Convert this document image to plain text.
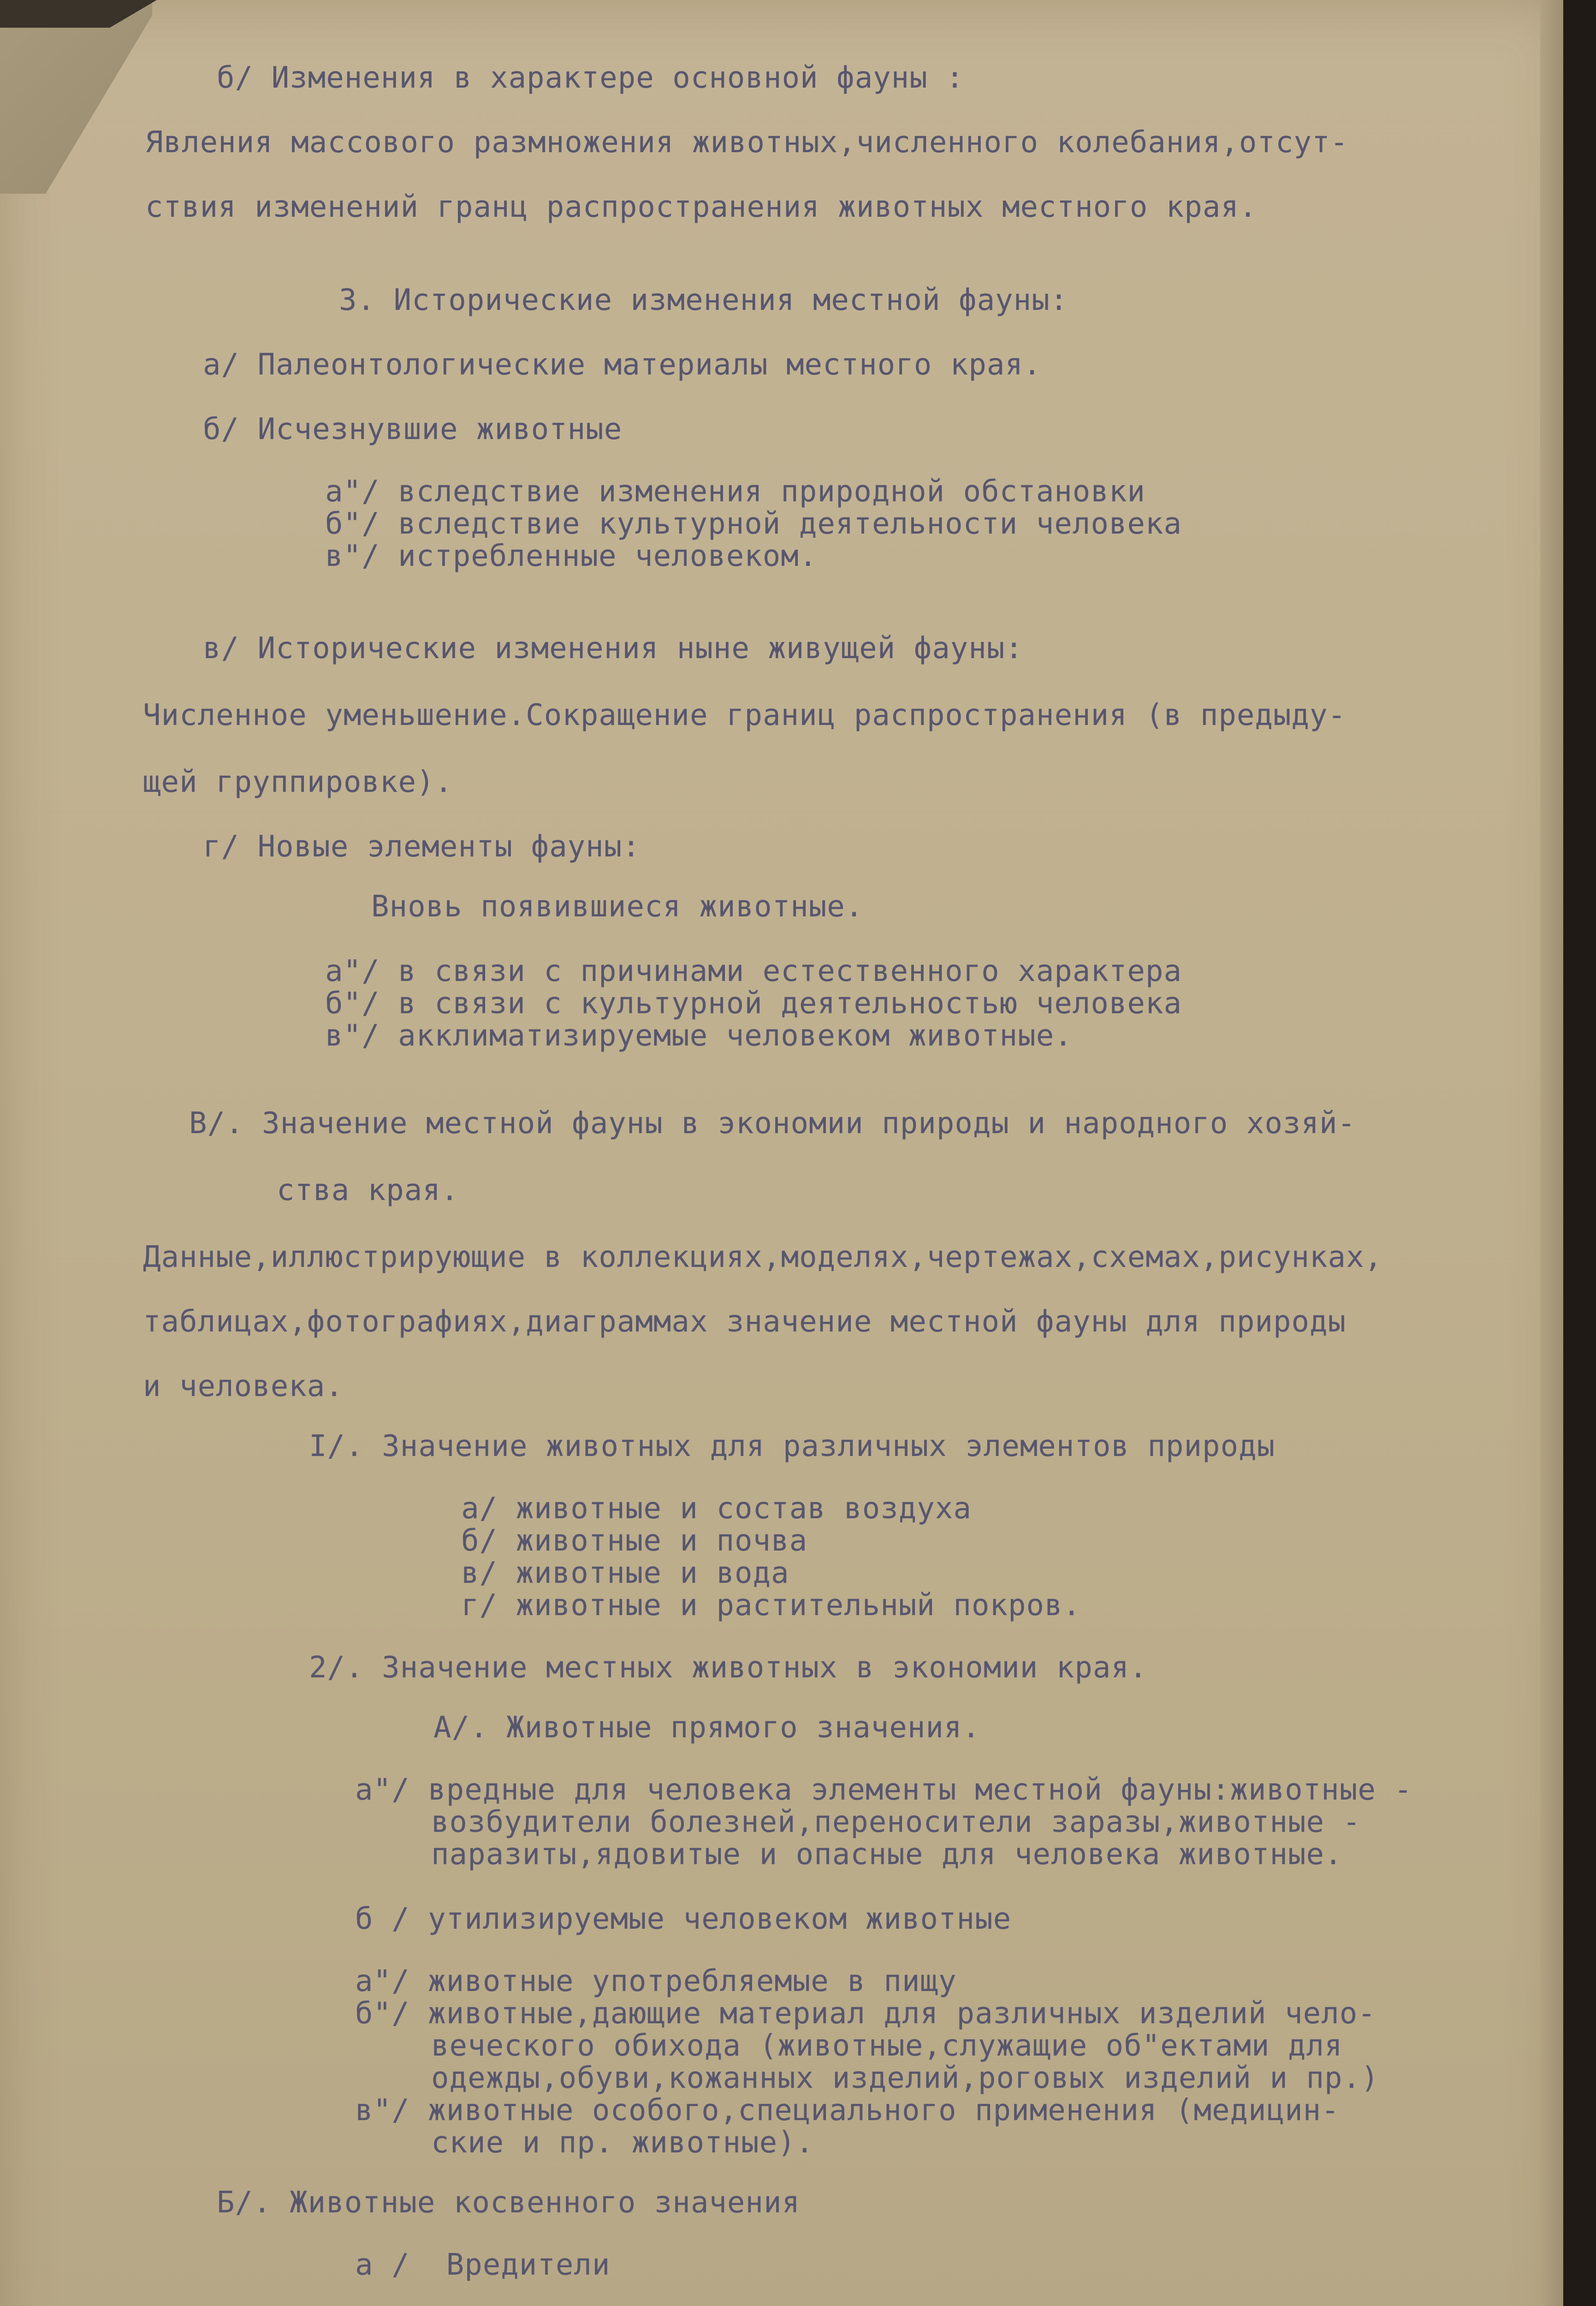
б/ Изменения в характере основной фауны :
Явления массового размножения животных,численного колебания,отсут-
ствия изменений гранц распространения животных местного края.
3. Исторические изменения местной фауны:
а/ Палеонтологические материалы местного края.
б/ Исчезнувшие животные
а"/ вследствие изменения природной обстановки
б"/ вследствие культурной деятельности человека
в"/ истребленные человеком.
в/ Исторические изменения ныне живущей фауны:
Численное уменьшение.Сокращение границ распространения (в предыду-
щей группировке).
г/ Новые элементы фауны:
Вновь появившиеся животные.
а"/ в связи с причинами естественного характера
б"/ в связи с культурной деятельностью человека
в"/ акклиматизируемые человеком животные.
В/. Значение местной фауны в экономии природы и народного хозяй-
ства края.
Данные,иллюстрирующие в коллекциях,моделях,чертежах,схемах,рисунках,
таблицах,фотографиях,диаграммах значение местной фауны для природы
и человека.
I/. Значение животных для различных элементов природы
а/ животные и состав воздуха
б/ животные и почва
в/ животные и вода
г/ животные и растительный покров.
2/. Значение местных животных в экономии края.
А/. Животные прямого значения.
а"/ вредные для человека элементы местной фауны:животные -
возбудители болезней,переносители заразы,животные -
паразиты,ядовитые и опасные для человека животные.
б / утилизируемые человеком животные
а"/ животные употребляемые в пищу
б"/ животные,дающие материал для различных изделий чело-
веческого обихода (животные,служащие об"ектами для
одежды,обуви,кожанных изделий,роговых изделий и пр.)
в"/ животные особого,специального применения (медицин-
ские и пр. животные).
Б/. Животные косвенного значения
а /  Вредители
